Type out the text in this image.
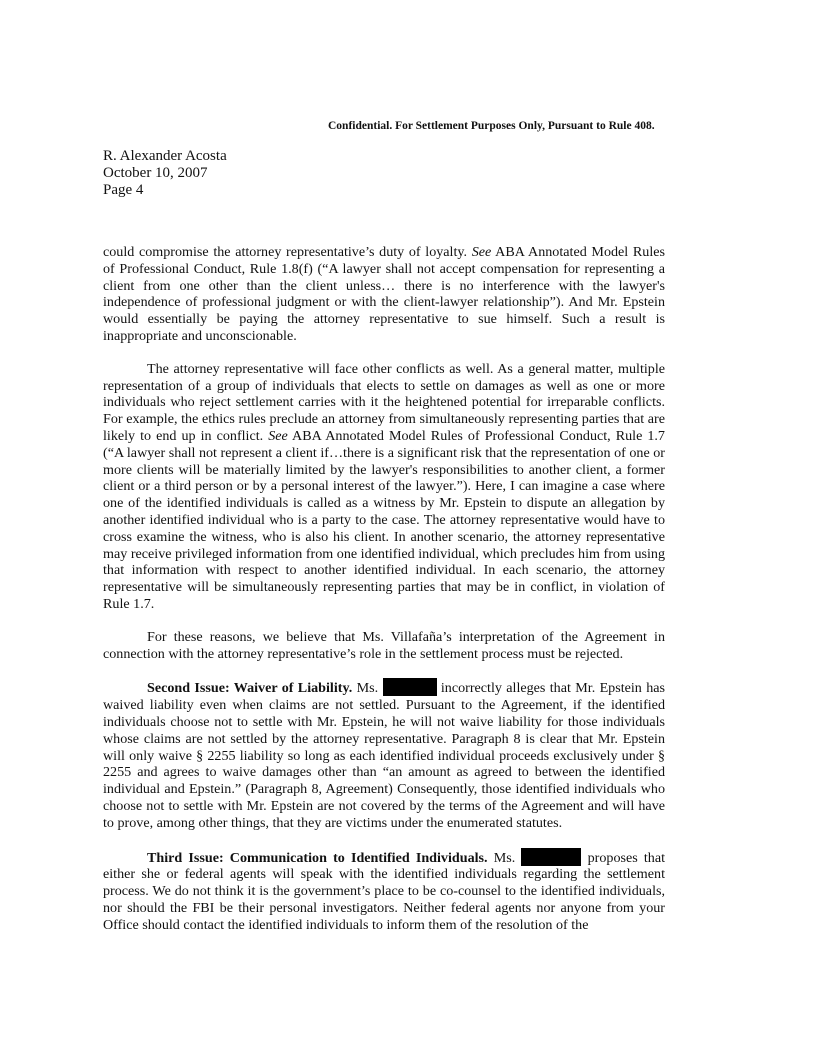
Confidential. For Settlement Purposes Only, Pursuant to Rule 408.
R. Alexander Acosta
October 10, 2007
Page 4

could compromise the attorney representative’s duty of loyalty. See ABA Annotated Model Rules of Professional Conduct, Rule 1.8(f) (“A lawyer shall not accept compensation for representing a client from one other than the client unless… there is no interference with the lawyer's independence of professional judgment or with the client-lawyer relationship”). And Mr. Epstein would essentially be paying the attorney representative to sue himself. Such a result is inappropriate and unconscionable.

The attorney representative will face other conflicts as well. As a general matter, multiple representation of a group of individuals that elects to settle on damages as well as one or more individuals who reject settlement carries with it the heightened potential for irreparable conflicts. For example, the ethics rules preclude an attorney from simultaneously representing parties that are likely to end up in conflict. See ABA Annotated Model Rules of Professional Conduct, Rule 1.7 (“A lawyer shall not represent a client if…there is a significant risk that the representation of one or more clients will be materially limited by the lawyer's responsibilities to another client, a former client or a third person or by a personal interest of the lawyer.”). Here, I can imagine a case where one of the identified individuals is called as a witness by Mr. Epstein to dispute an allegation by another identified individual who is a party to the case. The attorney representative would have to cross examine the witness, who is also his client. In another scenario, the attorney representative may receive privileged information from one identified individual, which precludes him from using that information with respect to another identified individual. In each scenario, the attorney representative will be simultaneously representing parties that may be in conflict, in violation of Rule 1.7.

For these reasons, we believe that Ms. Villafaña’s interpretation of the Agreement in connection with the attorney representative’s role in the settlement process must be rejected.

Second Issue: Waiver of Liability. Ms.	incorrectly alleges that Mr. Epstein has waived liability even when claims are not settled. Pursuant to the Agreement, if the identified individuals choose not to settle with Mr. Epstein, he will not waive liability for those individuals whose claims are not settled by the attorney representative. Paragraph 8 is clear that Mr. Epstein will only waive § 2255 liability so long as each identified individual proceeds exclusively under § 2255 and agrees to waive damages other than “an amount as agreed to between the identified individual and Epstein.” (Paragraph 8, Agreement) Consequently, those identified individuals who choose not to settle with Mr. Epstein are not covered by the terms of the Agreement and will have to prove, among other things, that they are victims under the enumerated statutes.

Third Issue: Communication to Identified Individuals. Ms.	proposes that either she or federal agents will speak with the identified individuals regarding the settlement process. We do not think it is the government’s place to be co-counsel to the identified individuals, nor should the FBI be their personal investigators. Neither federal agents nor anyone from your Office should contact the identified individuals to inform them of the resolution of the
